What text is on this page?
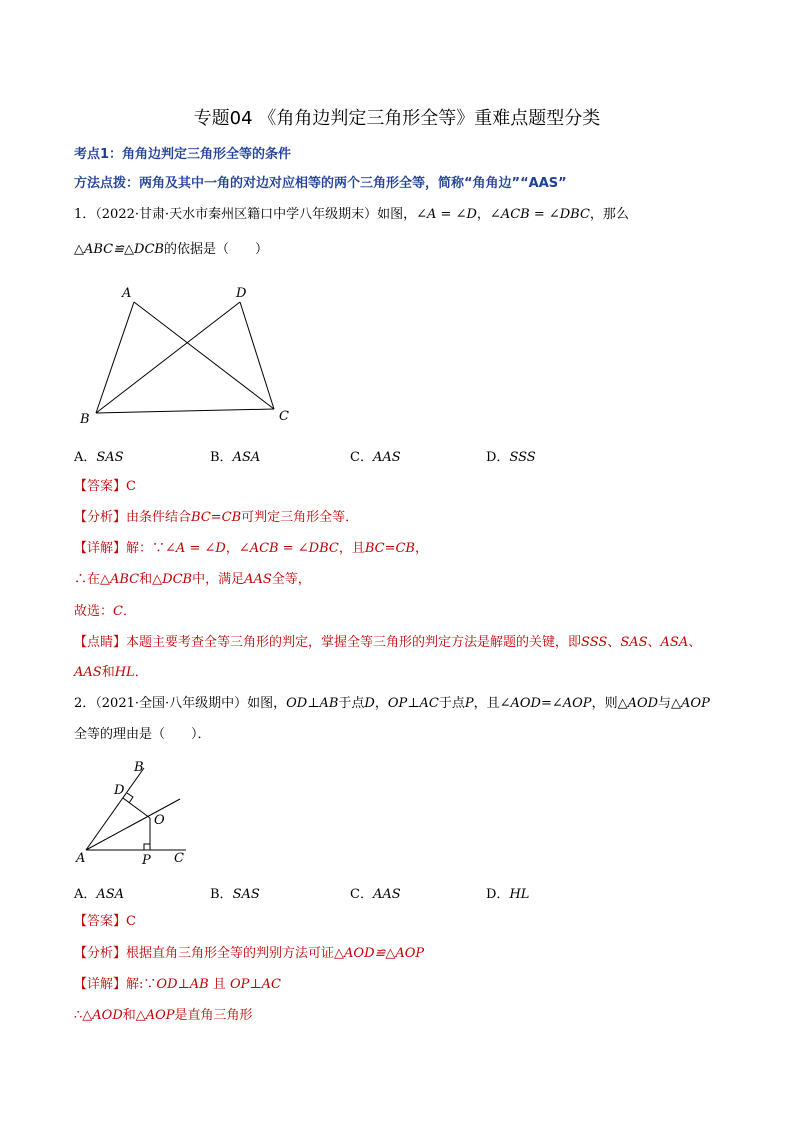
专题04 《角角边判定三角形全等》重难点题型分类
考点1：角角边判定三角形全等的条件
方法点拨：两角及其中一角的对边对应相等的两个三角形全等，简称“角角边”“AAS”
1．（2022·甘肃·天水市秦州区籍口中学八年级期末）如图，∠A = ∠D，∠ACB = ∠DBC，那么
△ABC≌△DCB的依据是（　　）
A	D
B	C
A．SAS	B．ASA	C．AAS	D．SSS
【答案】C
【分析】由条件结合BC=CB可判定三角形全等．
【详解】解：∵∠A = ∠D，∠ACB = ∠DBC，且BC=CB，
∴在△ABC和△DCB中，满足AAS全等，
故选：C．
【点睛】本题主要考查全等三角形的判定，掌握全等三角形的判定方法是解题的关键，即SSS、SAS、ASA、
AAS和HL．
2．（2021·全国·八年级期中）如图，OD⊥AB于点D，OP⊥AC于点P，且∠AOD=∠AOP，则△AOD与△AOP
全等的理由是（　　）．
B
D
O
A	P C
A．ASA	B．SAS	C．AAS	D．HL
【答案】C
【分析】根据直角三角形全等的判别方法可证△AOD≌△AOP
【详解】解:∵OD⊥AB 且 OP⊥AC
∴△AOD和△AOP是直角三角形
